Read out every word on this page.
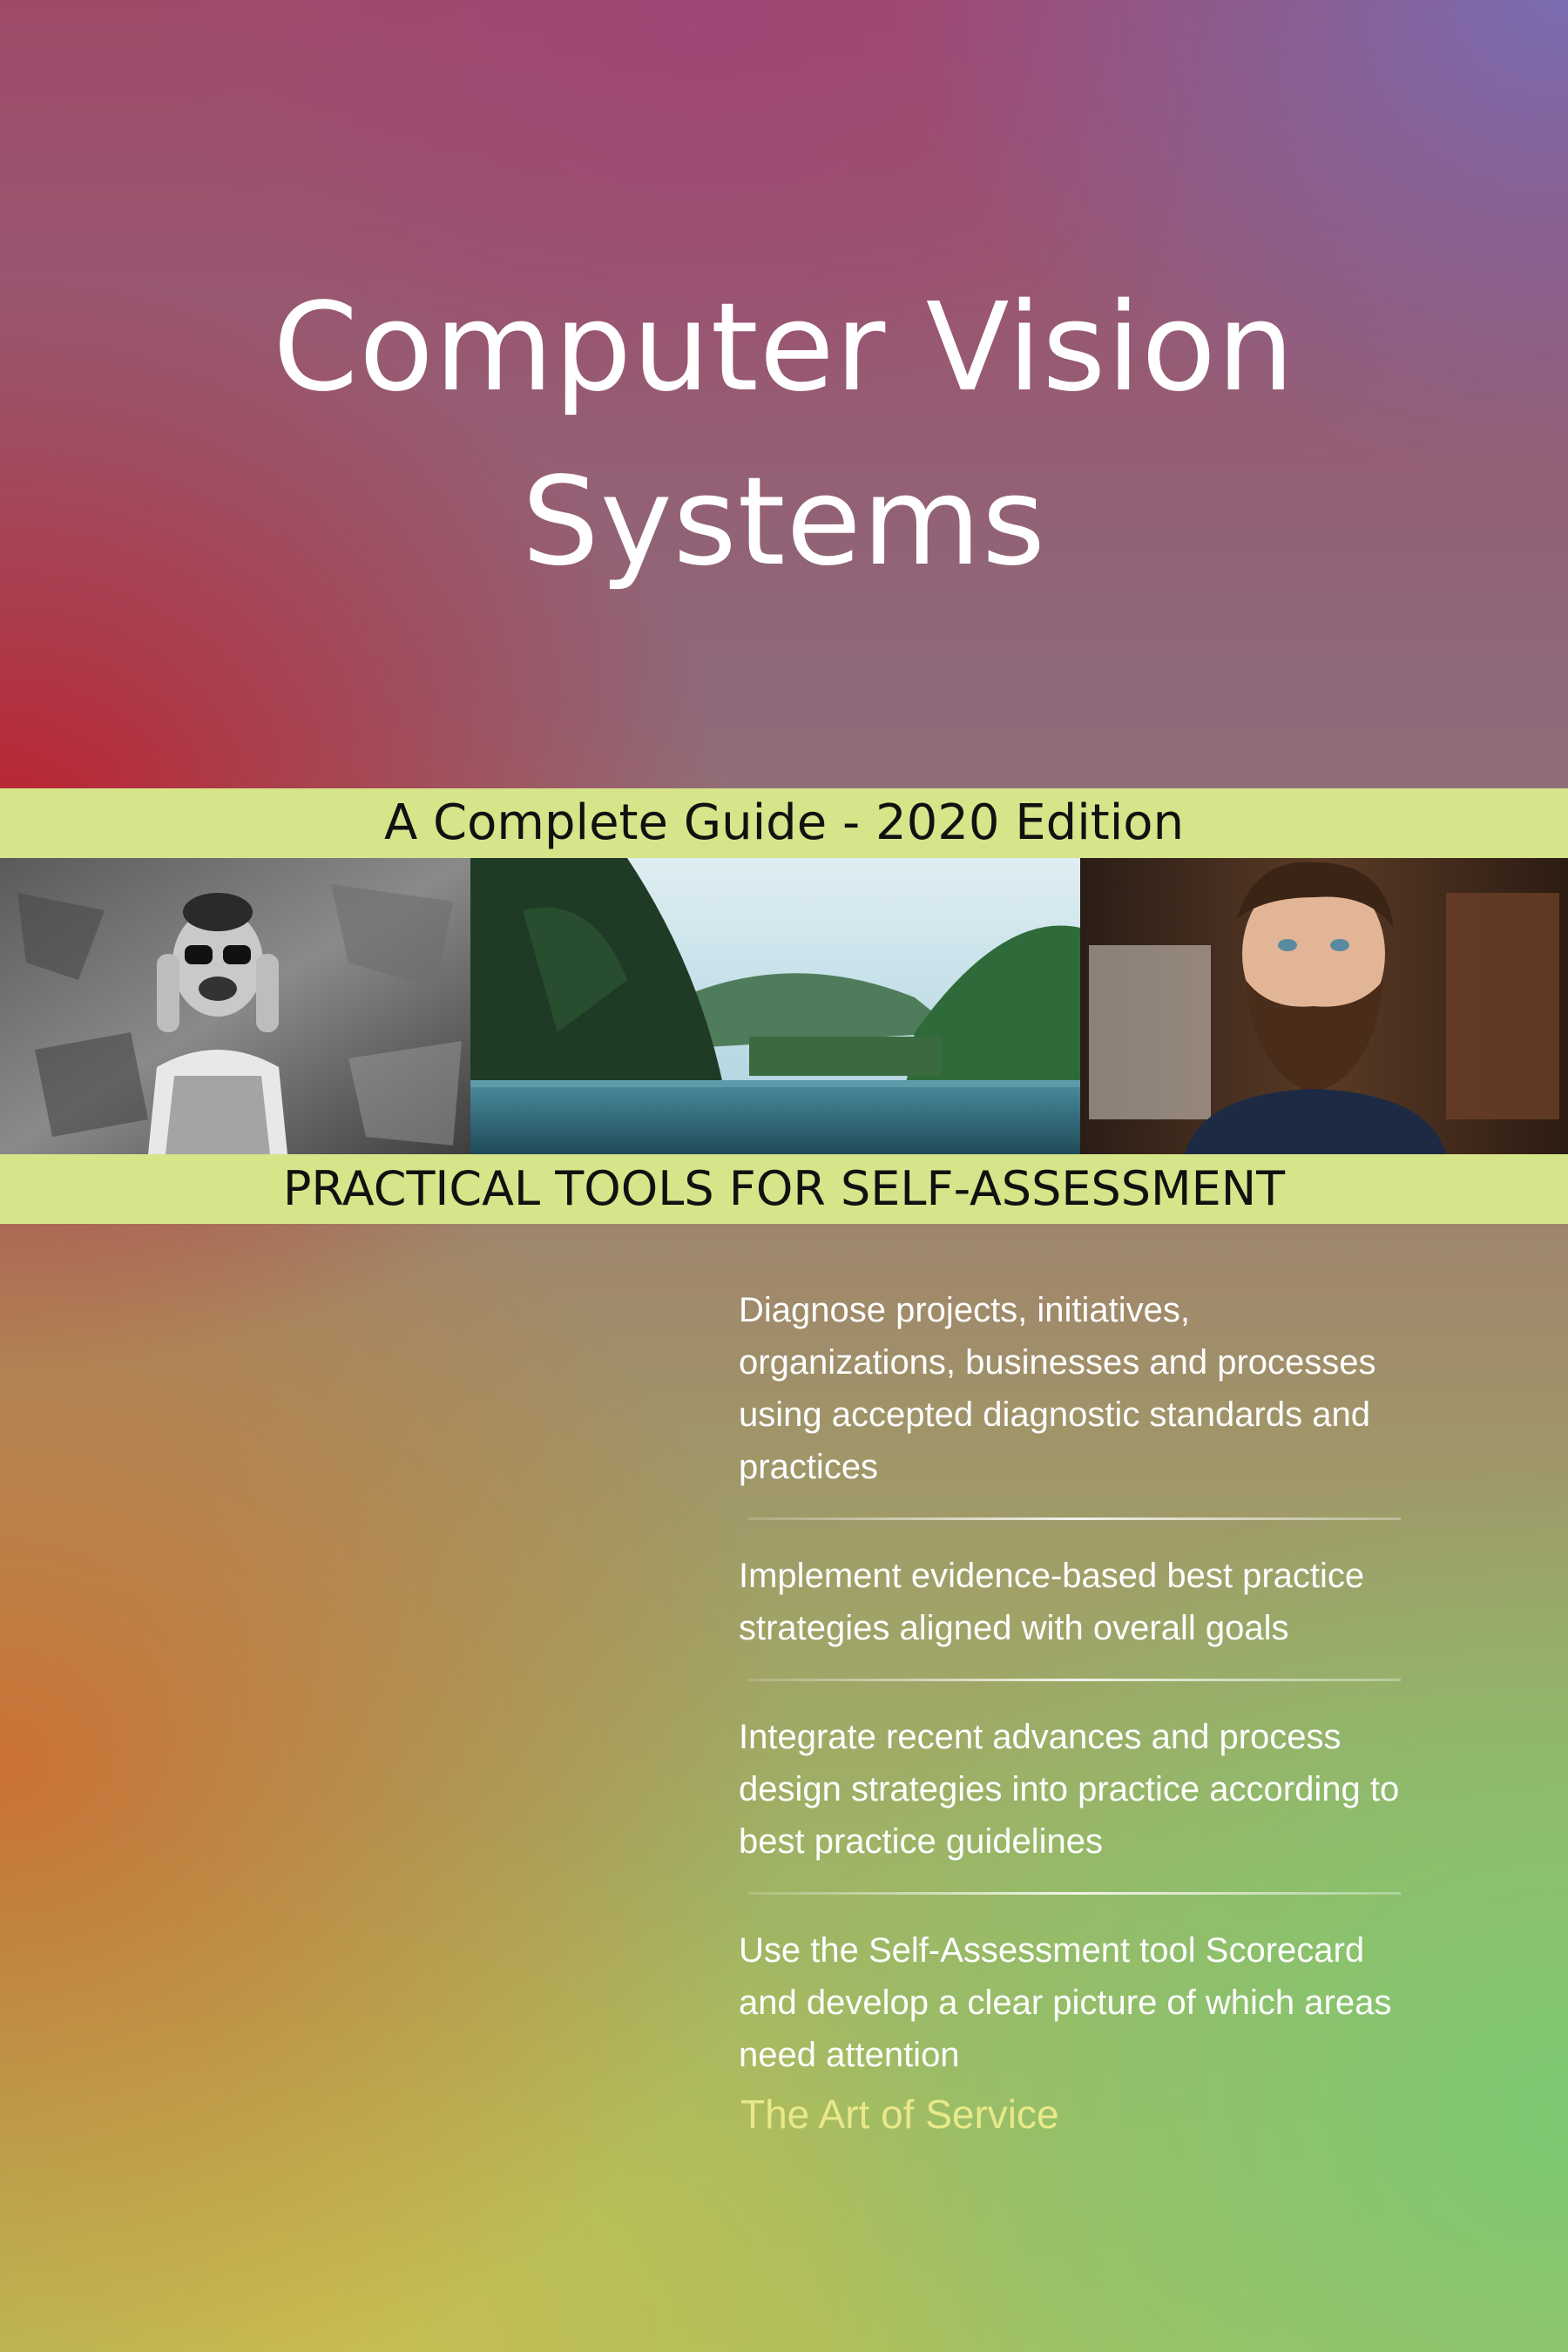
Computer Vision
Systems
A Complete Guide - 2020 Edition
PRACTICAL TOOLS FOR SELF-ASSESSMENT
Diagnose projects, initiatives, organizations, businesses and processes using accepted diagnostic standards and practices
Implement evidence-based best practice strategies aligned with overall goals
Integrate recent advances and process design strategies into practice according to best practice guidelines
Use the Self-Assessment tool Scorecard and develop a clear picture of which areas need attention
The Art of Service
